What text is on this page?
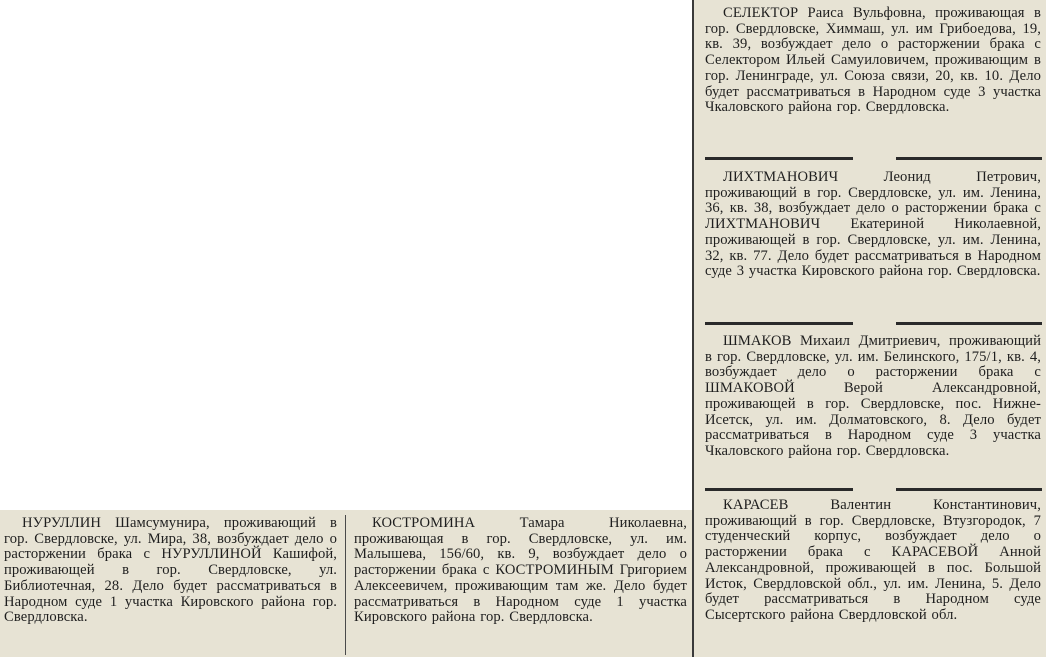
СЕЛЕКТОР Раиса Вульфовна, проживающая в гор. Свердловске, Химмаш, ул. им Грибоедова, 19, кв. 39, возбуждает дело о расторжении брака с Селектором Ильей Самуиловичем, проживающим в гор. Ленинграде, ул. Союза связи, 20, кв. 10. Дело будет рассматриваться в Народном суде 3 участка Чкаловского района гор. Свердловска.

ЛИХТМАНОВИЧ Леонид Петрович, проживающий в гор. Свердловске, ул. им. Ленина, 36, кв. 38, возбуждает дело о расторжении брака с ЛИХТМАНОВИЧ Екатериной Николаевной, проживающей в гор. Свердловске, ул. им. Ленина, 32, кв. 77. Дело будет рассматриваться в Народном суде 3 участка Кировского района гор. Свердловска.

ШМАКОВ Михаил Дмитриевич, проживающий в гор. Свердловске, ул. им. Белинского, 175/1, кв. 4, возбуждает дело о расторжении брака с ШМАКОВОЙ Верой Александровной, проживающей в гор. Свердловске, пос. Нижне-Исетск, ул. им. Долматовского, 8. Дело будет рассматриваться в Народном суде 3 участка Чкаловского района гор. Свердловска.

КАРАСЕВ Валентин Константинович, проживающий в гор. Свердловске, Втузгородок, 7 студенческий корпус, возбуждает дело о расторжении брака с КАРАСЕВОЙ Анной Александровной, проживающей в пос. Большой Исток, Свердловской обл., ул. им. Ленина, 5. Дело будет рассматриваться в Народном суде Сысертского района Свердловской обл.

НУРУЛЛИН Шамсумунира, проживающий в гор. Свердловске, ул. Мира, 38, возбуждает дело о расторжении брака с НУРУЛЛИНОЙ Кашифой, проживающей в гор. Свердловске, ул. Библиотечная, 28. Дело будет рассматриваться в Народном суде 1 участка Кировского района гор. Свердловска.

КОСТРОМИНА Тамара Николаевна, проживающая в гор. Свердловске, ул. им. Малышева, 156/60, кв. 9, возбуждает дело о расторжении брака с КОСТРОМИНЫМ Григорием Алексеевичем, проживающим там же. Дело будет рассматриваться в Народном суде 1 участка Кировского района гор. Свердловска.
